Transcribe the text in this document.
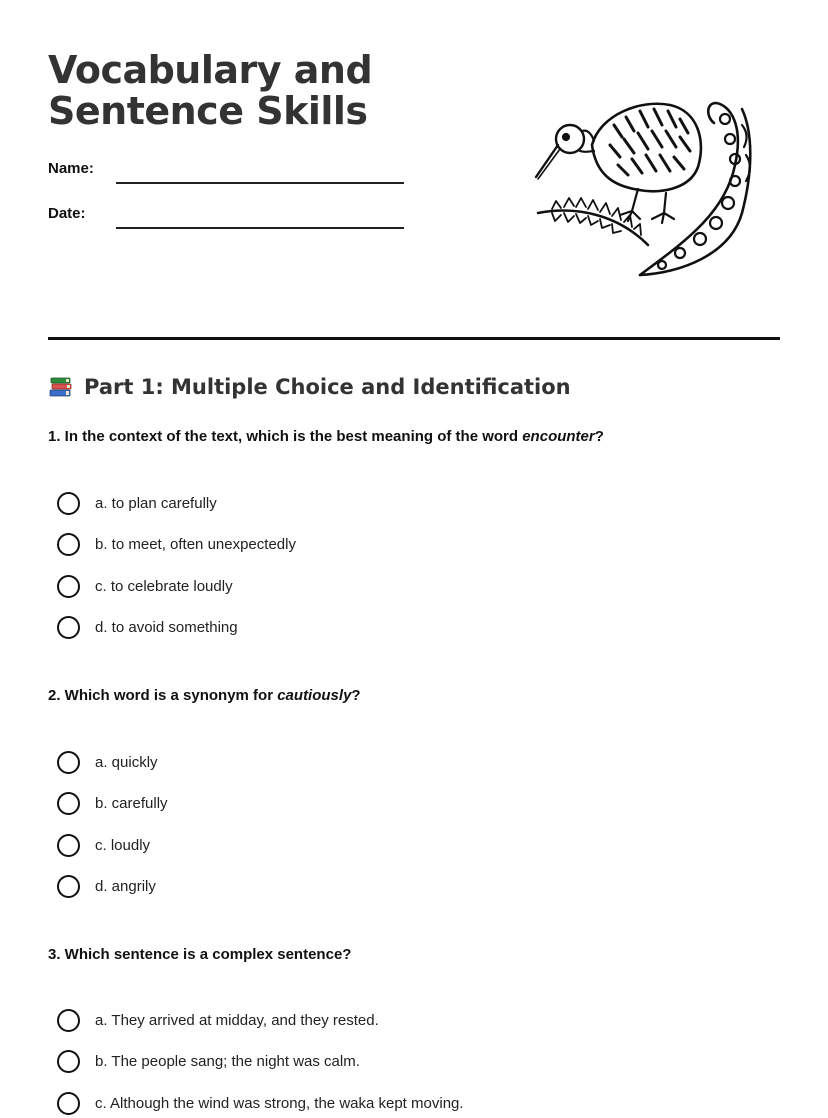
Vocabulary and
Sentence Skills
Name:
Date:
Part 1: Multiple Choice and Identification
1. In the context of the text, which is the best meaning of the word encounter?
a. to plan carefully
b. to meet, often unexpectedly
c. to celebrate loudly
d. to avoid something
2. Which word is a synonym for cautiously?
a. quickly
b. carefully
c. loudly
d. angrily
3. Which sentence is a complex sentence?
a. They arrived at midday, and they rested.
b. The people sang; the night was calm.
c. Although the wind was strong, the waka kept moving.
